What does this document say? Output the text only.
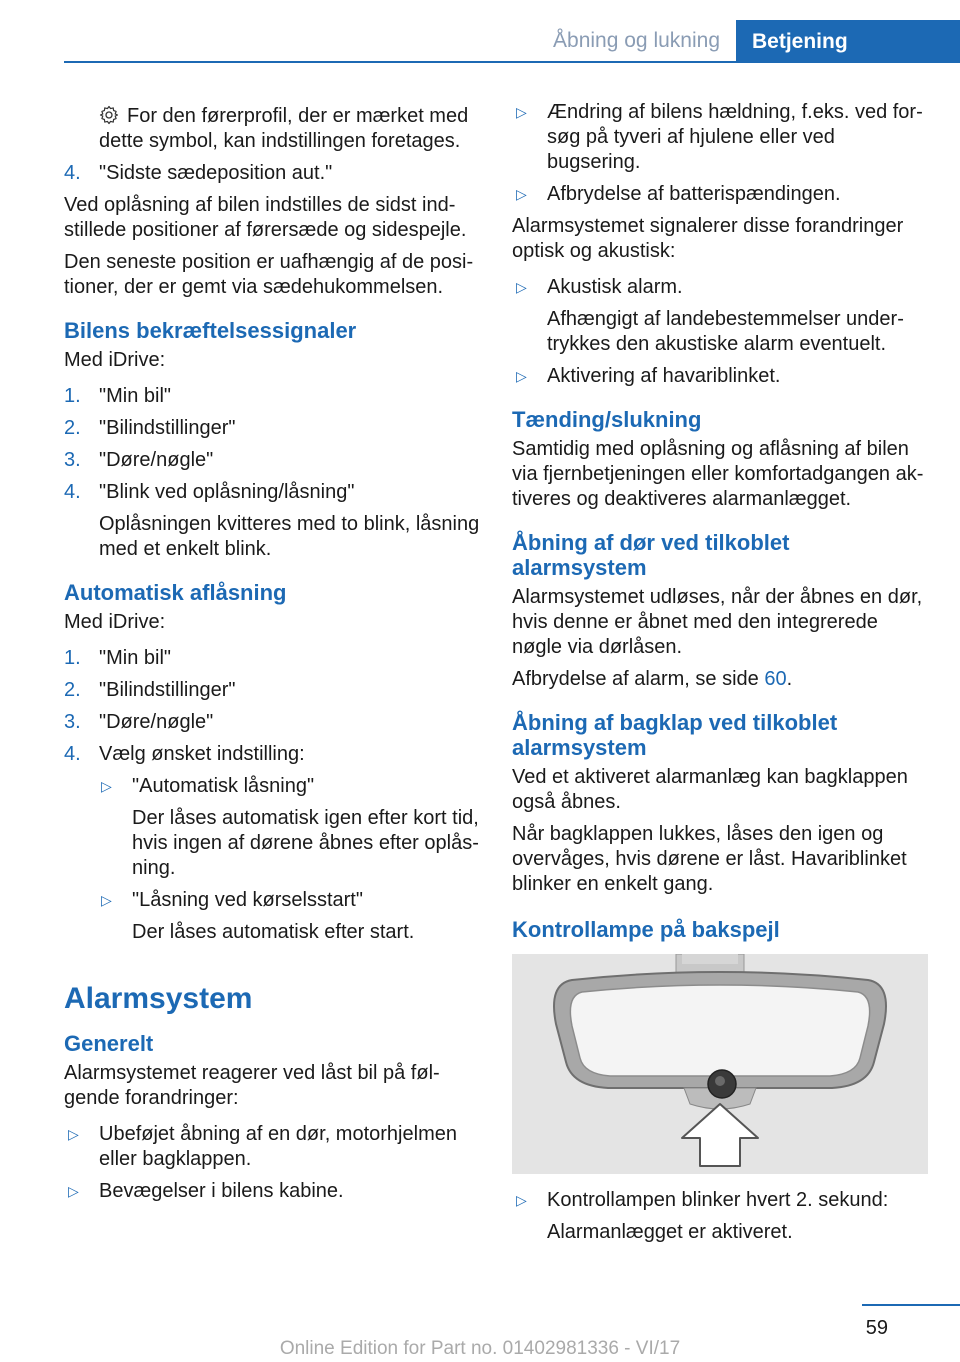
Åbning og lukning	Betjening

For den førerprofil, der er mærket med dette symbol, kan indstillingen foretages.

4. "Sidste sædeposition aut."

Ved oplåsning af bilen indstilles de sidst indstillede positioner af førersæde og sidespejle.

Den seneste position er uafhængig af de positioner, der er gemt via sædehukommelsen.

Bilens bekræftelsessignaler

Med iDrive:

1. "Min bil"
2. "Bilindstillinger"
3. "Døre/nøgle"
4. "Blink ved oplåsning/låsning"

Oplåsningen kvitteres med to blink, låsning med et enkelt blink.

Automatisk aflåsning

Med iDrive:

1. "Min bil"
2. "Bilindstillinger"
3. "Døre/nøgle"
4. Vælg ønsket indstilling:
▷ "Automatisk låsning"

Der låses automatisk igen efter kort tid, hvis ingen af dørene åbnes efter oplåsning.

▷ "Låsning ved kørselsstart"

Der låses automatisk efter start.

Alarmsystem
Generelt

Alarmsystemet reagerer ved låst bil på følgende forandringer:

▷ Ubeføjet åbning af en dør, motorhjelmen eller bagklappen.
▷ Bevægelser i bilens kabine.
▷ Ændring af bilens hældning, f.eks. ved forsøg på tyveri af hjulene eller ved bugsering.
▷ Afbrydelse af batterispændingen.

Alarmsystemet signalerer disse forandringer optisk og akustisk:

▷ Akustisk alarm.

Afhængigt af landebestemmelser undertrykkes den akustiske alarm eventuelt.

▷ Aktivering af havariblinket.
Tænding/slukning

Samtidig med oplåsning og aflåsning af bilen via fjernbetjeningen eller komfortadgangen aktiveres og deaktiveres alarmanlægget.

Åbning af dør ved tilkoblet alarmsystem

Alarmsystemet udløses, når der åbnes en dør, hvis denne er åbnet med den integrerede nøgle via dørlåsen.

Afbrydelse af alarm, se side 60.

Åbning af bagklap ved tilkoblet alarmsystem

Ved et aktiveret alarmanlæg kan bagklappen også åbnes.

Når bagklappen lukkes, låses den igen og overvåges, hvis dørene er låst. Havariblinket blinker en enkelt gang.

Kontrollampe på bakspejl
▷ Kontrollampen blinker hvert 2. sekund:

Alarmanlægget er aktiveret.

59
Online Edition for Part no. 01402981336 - VI/17
